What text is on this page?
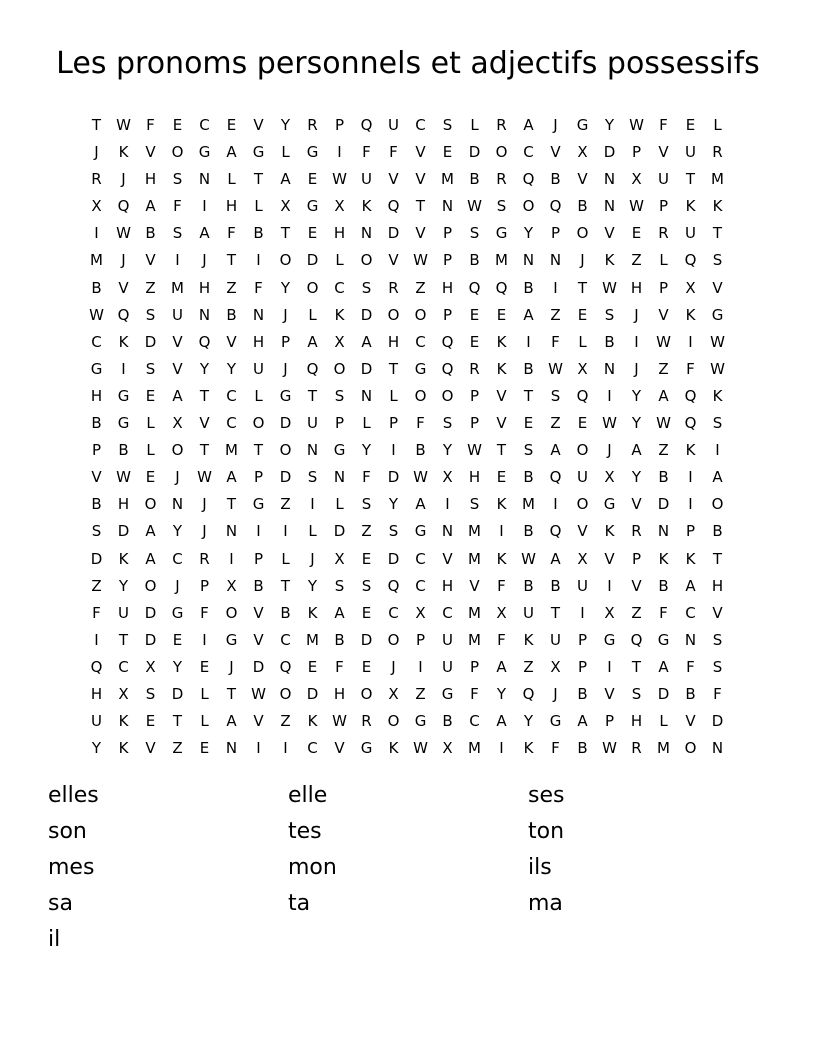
Les pronoms personnels et adjectifs possessifs
T	W	F	E	C	E	V	Y	R	P	Q	U	C	S	L	R	A	J	G	Y	W	F	E	L
J	K	V	O	G	A	G	L	G	I	F	F	V	E	D	O	C	V	X	D	P	V	U	R
R	J	H	S	N	L	T	A	E	W	U	V	V	M	B	R	Q	B	V	N	X	U	T	M
X	Q	A	F	I	H	L	X	G	X	K	Q	T	N	W	S	O	Q	B	N	W	P	K	K
I	W	B	S	A	F	B	T	E	H	N	D	V	P	S	G	Y	P	O	V	E	R	U	T
M	J	V	I	J	T	I	O	D	L	O	V	W	P	B	M	N	N	J	K	Z	L	Q	S
B	V	Z	M	H	Z	F	Y	O	C	S	R	Z	H	Q	Q	B	I	T	W	H	P	X	V
W	Q	S	U	N	B	N	J	L	K	D	O	O	P	E	E	A	Z	E	S	J	V	K	G
C	K	D	V	Q	V	H	P	A	X	A	H	C	Q	E	K	I	F	L	B	I	W	I	W
G	I	S	V	Y	Y	U	J	Q	O	D	T	G	Q	R	K	B	W	X	N	J	Z	F	W
H	G	E	A	T	C	L	G	T	S	N	L	O	O	P	V	T	S	Q	I	Y	A	Q	K
B	G	L	X	V	C	O	D	U	P	L	P	F	S	P	V	E	Z	E	W	Y	W	Q	S
P	B	L	O	T	M	T	O	N	G	Y	I	B	Y	W	T	S	A	O	J	A	Z	K	I
V	W	E	J	W	A	P	D	S	N	F	D	W	X	H	E	B	Q	U	X	Y	B	I	A
B	H	O	N	J	T	G	Z	I	L	S	Y	A	I	S	K	M	I	O	G	V	D	I	O
S	D	A	Y	J	N	I	I	L	D	Z	S	G	N	M	I	B	Q	V	K	R	N	P	B
D	K	A	C	R	I	P	L	J	X	E	D	C	V	M	K	W	A	X	V	P	K	K	T
Z	Y	O	J	P	X	B	T	Y	S	S	Q	C	H	V	F	B	B	U	I	V	B	A	H
F	U	D	G	F	O	V	B	K	A	E	C	X	C	M	X	U	T	I	X	Z	F	C	V
I	T	D	E	I	G	V	C	M	B	D	O	P	U	M	F	K	U	P	G	Q	G	N	S
Q	C	X	Y	E	J	D	Q	E	F	E	J	I	U	P	A	Z	X	P	I	T	A	F	S
H	X	S	D	L	T	W	O	D	H	O	X	Z	G	F	Y	Q	J	B	V	S	D	B	F
U	K	E	T	L	A	V	Z	K	W	R	O	G	B	C	A	Y	G	A	P	H	L	V	D
Y	K	V	Z	E	N	I	I	C	V	G	K	W	X	M	I	K	F	B	W	R	M	O	N
elles	elle	ses
son	tes	ton
mes	mon	ils
sa	ta	ma
il
